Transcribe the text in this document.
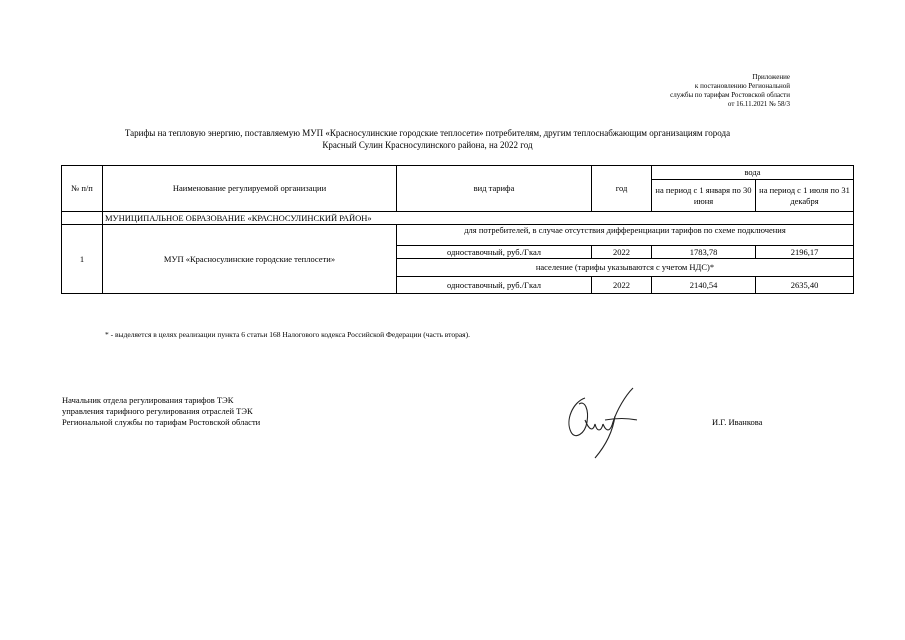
Приложение
к постановлению Региональной
службы по тарифам Ростовской области
от 16.11.2021 № 58/3
Тарифы на тепловую энергию, поставляемую МУП «Красносулинские городские теплосети» потребителям, другим теплоснабжающим организациям города
Красный Сулин Красносулинского района, на 2022 год
№ п/п	Наименование регулируемой организации	вид тарифа	год	вода	
				на период с 1 января по 30 июня	на период с 1 июля по 31 декабря
	МУНИЦИПАЛЬНОЕ ОБРАЗОВАНИЕ «КРАСНОСУЛИНСКИЙ РАЙОН»				
1	МУП «Красносулинские городские теплосети»	для потребителей, в случае отсутствия дифференциации тарифов по схеме подключения			
		одноставочный, руб./Гкал	2022	1783,78	2196,17
		население (тарифы указываются с учетом НДС)*			
		одноставочный, руб./Гкал	2022	2140,54	2635,40
* - выделяется в целях реализации пункта 6 статьи 168 Налогового кодекса Российской Федерации (часть вторая).
Начальник отдела регулирования тарифов ТЭК
управления тарифного регулирования отраслей ТЭК
Региональной службы по тарифам Ростовской области	И.Г. Иванкова
